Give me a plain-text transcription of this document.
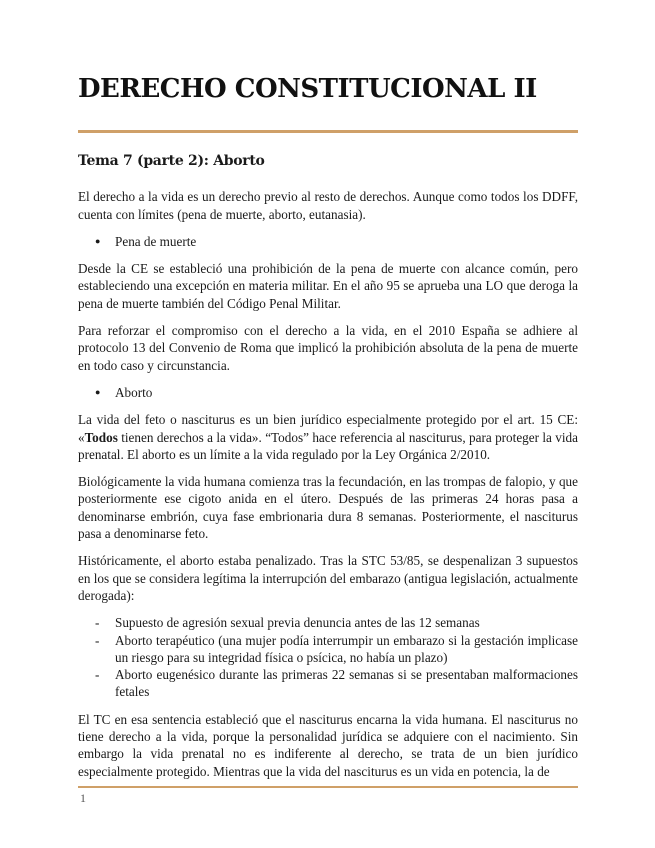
DERECHO CONSTITUCIONAL II
Tema 7 (parte 2): Aborto

El derecho a la vida es un derecho previo al resto de derechos. Aunque como todos los DDFF, cuenta con límites (pena de muerte, aborto, eutanasia).

● Pena de muerte

Desde la CE se estableció una prohibición de la pena de muerte con alcance común, pero estableciendo una excepción en materia militar. En el año 95 se aprueba una LO que deroga la pena de muerte también del Código Penal Militar.

Para reforzar el compromiso con el derecho a la vida, en el 2010 España se adhiere al protocolo 13 del Convenio de Roma que implicó la prohibición absoluta de la pena de muerte en todo caso y circunstancia.

● Aborto

La vida del feto o nasciturus es un bien jurídico especialmente protegido por el art. 15 CE: «Todos tienen derechos a la vida». “Todos” hace referencia al nasciturus, para proteger la vida prenatal. El aborto es un límite a la vida regulado por la Ley Orgánica 2/2010.

Biológicamente la vida humana comienza tras la fecundación, en las trompas de falopio, y que posteriormente ese cigoto anida en el útero. Después de las primeras 24 horas pasa a denominarse embrión, cuya fase embrionaria dura 8 semanas. Posteriormente, el nasciturus pasa a denominarse feto.

Históricamente, el aborto estaba penalizado. Tras la STC 53/85, se despenalizan 3 supuestos en los que se considera legítima la interrupción del embarazo (antigua legislación, actualmente derogada):

- Supuesto de agresión sexual previa denuncia antes de las 12 semanas
- Aborto terapéutico (una mujer podía interrumpir un embarazo si la gestación implicase un riesgo para su integridad física o psícica, no había un plazo)
- Aborto eugenésico durante las primeras 22 semanas si se presentaban malformaciones fetales

El TC en esa sentencia estableció que el nasciturus encarna la vida humana. El nasciturus no tiene derecho a la vida, porque la personalidad jurídica se adquiere con el nacimiento. Sin embargo la vida prenatal no es indiferente al derecho, se trata de un bien jurídico especialmente protegido. Mientras que la vida del nasciturus es un vida en potencia, la de

1
